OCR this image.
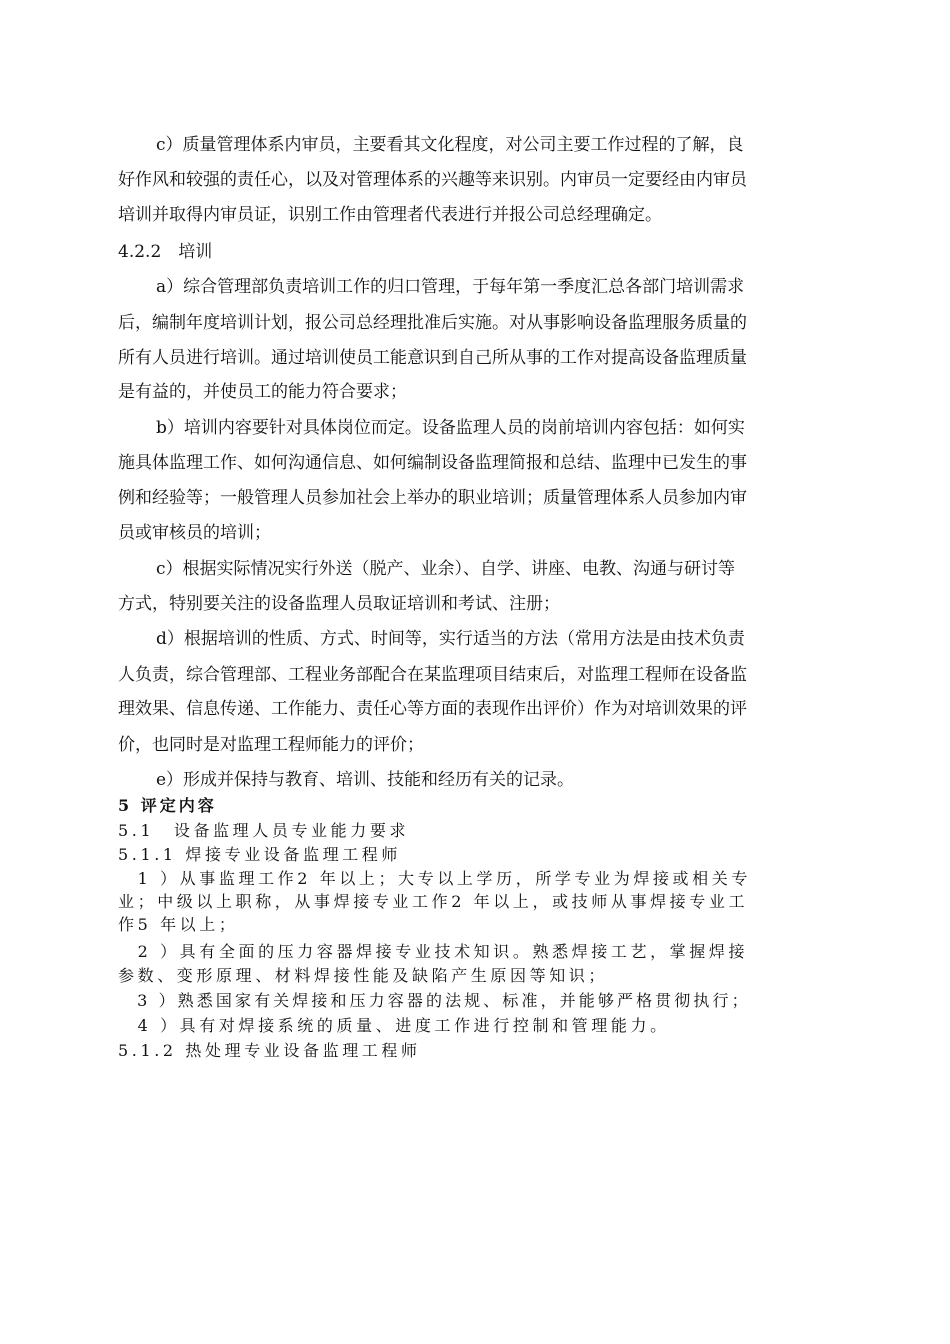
c）质量管理体系内审员，主要看其文化程度，对公司主要工作过程的了解，良

好作风和较强的责任心，以及对管理体系的兴趣等来识别。内审员一定要经由内审员

培训并取得内审员证，识别工作由管理者代表进行并报公司总经理确定。

4.2.2　培训

a）综合管理部负责培训工作的归口管理，于每年第一季度汇总各部门培训需求

后，编制年度培训计划，报公司总经理批准后实施。对从事影响设备监理服务质量的

所有人员进行培训。通过培训使员工能意识到自己所从事的工作对提高设备监理质量

是有益的，并使员工的能力符合要求；

b）培训内容要针对具体岗位而定。设备监理人员的岗前培训内容包括：如何实

施具体监理工作、如何沟通信息、如何编制设备监理简报和总结、监理中已发生的事

例和经验等；一般管理人员参加社会上举办的职业培训；质量管理体系人员参加内审

员或审核员的培训；

c）根据实际情况实行外送（脱产、业余）、自学、讲座、电教、沟通与研讨等

方式，特别要关注的设备监理人员取证培训和考试、注册；

d）根据培训的性质、方式、时间等，实行适当的方法（常用方法是由技术负责

人负责，综合管理部、工程业务部配合在某监理项目结束后，对监理工程师在设备监

理效果、信息传递、工作能力、责任心等方面的表现作出评价）作为对培训效果的评

价，也同时是对监理工程师能力的评价；

e）形成并保持与教育、培训、技能和经历有关的记录。

5 评定内容

5.1　设备监理人员专业能力要求

5.1.1 焊接专业设备监理工程师

　1 ）从事监理工作2 年以上；大专以上学历，所学专业为焊接或相关专

业；中级以上职称，从事焊接专业工作2 年以上，或技师从事焊接专业工

作5 年以上；

　2 ）具有全面的压力容器焊接专业技术知识。熟悉焊接工艺，掌握焊接

参数、变形原理、材料焊接性能及缺陷产生原因等知识；

　3 ）熟悉国家有关焊接和压力容器的法规、标准，并能够严格贯彻执行；

　4 ）具有对焊接系统的质量、进度工作进行控制和管理能力。

5.1.2 热处理专业设备监理工程师
